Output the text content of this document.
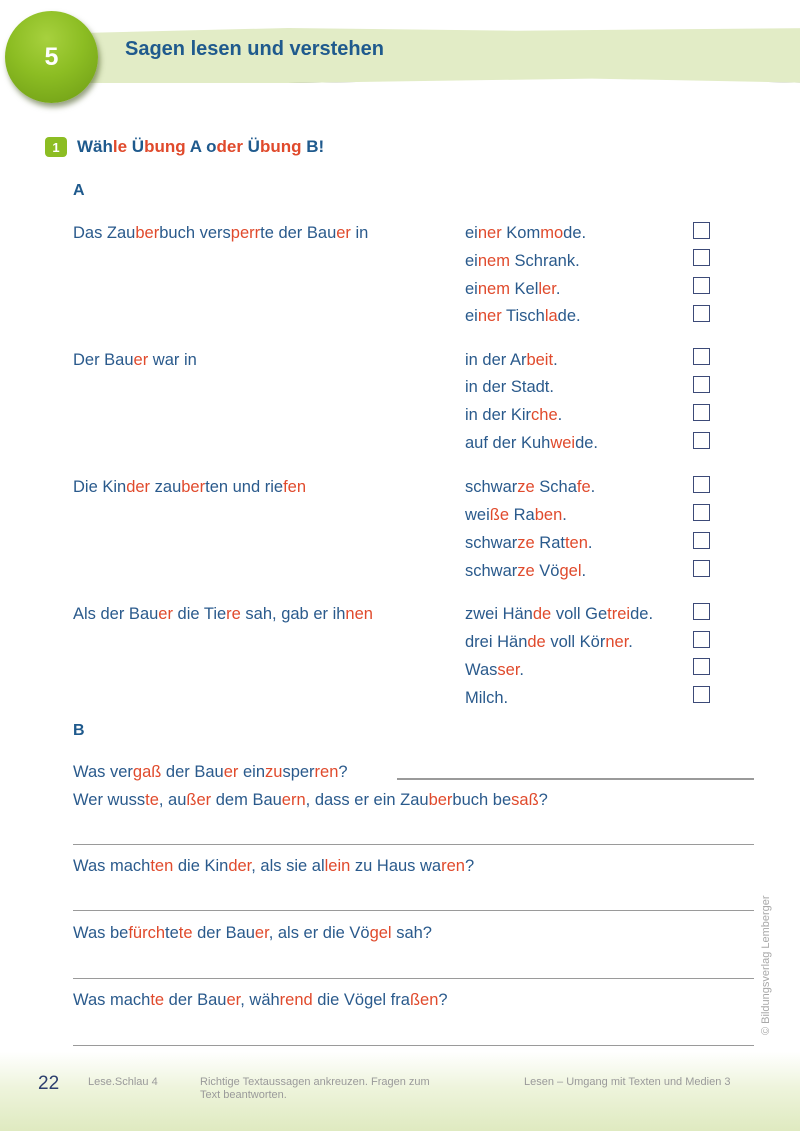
5	Sagen lesen und verstehen
1	Wähle Übung A oder Übung B!
A
Das Zauberbuch versperrte der Bauer in	einer Kommode.
einem Schrank.
einem Keller.
einer Tischlade.
Der Bauer war in	in der Arbeit.
in der Stadt.
in der Kirche.
auf der Kuhweide.
Die Kinder zauberten und riefen	schwarze Schafe.
weiße Raben.
schwarze Ratten.
schwarze Vögel.
Als der Bauer die Tiere sah, gab er ihnen	zwei Hände voll Getreide.
drei Hände voll Körner.
Wasser.
Milch.
B
Was vergaß der Bauer einzusperren?
Wer wusste, außer dem Bauern, dass er ein Zauberbuch besaß?
Was machten die Kinder, als sie allein zu Haus waren?
Was befürchtete der Bauer, als er die Vögel sah?
Was machte der Bauer, während die Vögel fraßen?	© Bildungsverlag Lemberger
22	Lese.Schlau 4	Richtige Textaussagen ankreuzen. Fragen zum Text beantworten.
Lesen – Umgang mit Texten und Medien 3
